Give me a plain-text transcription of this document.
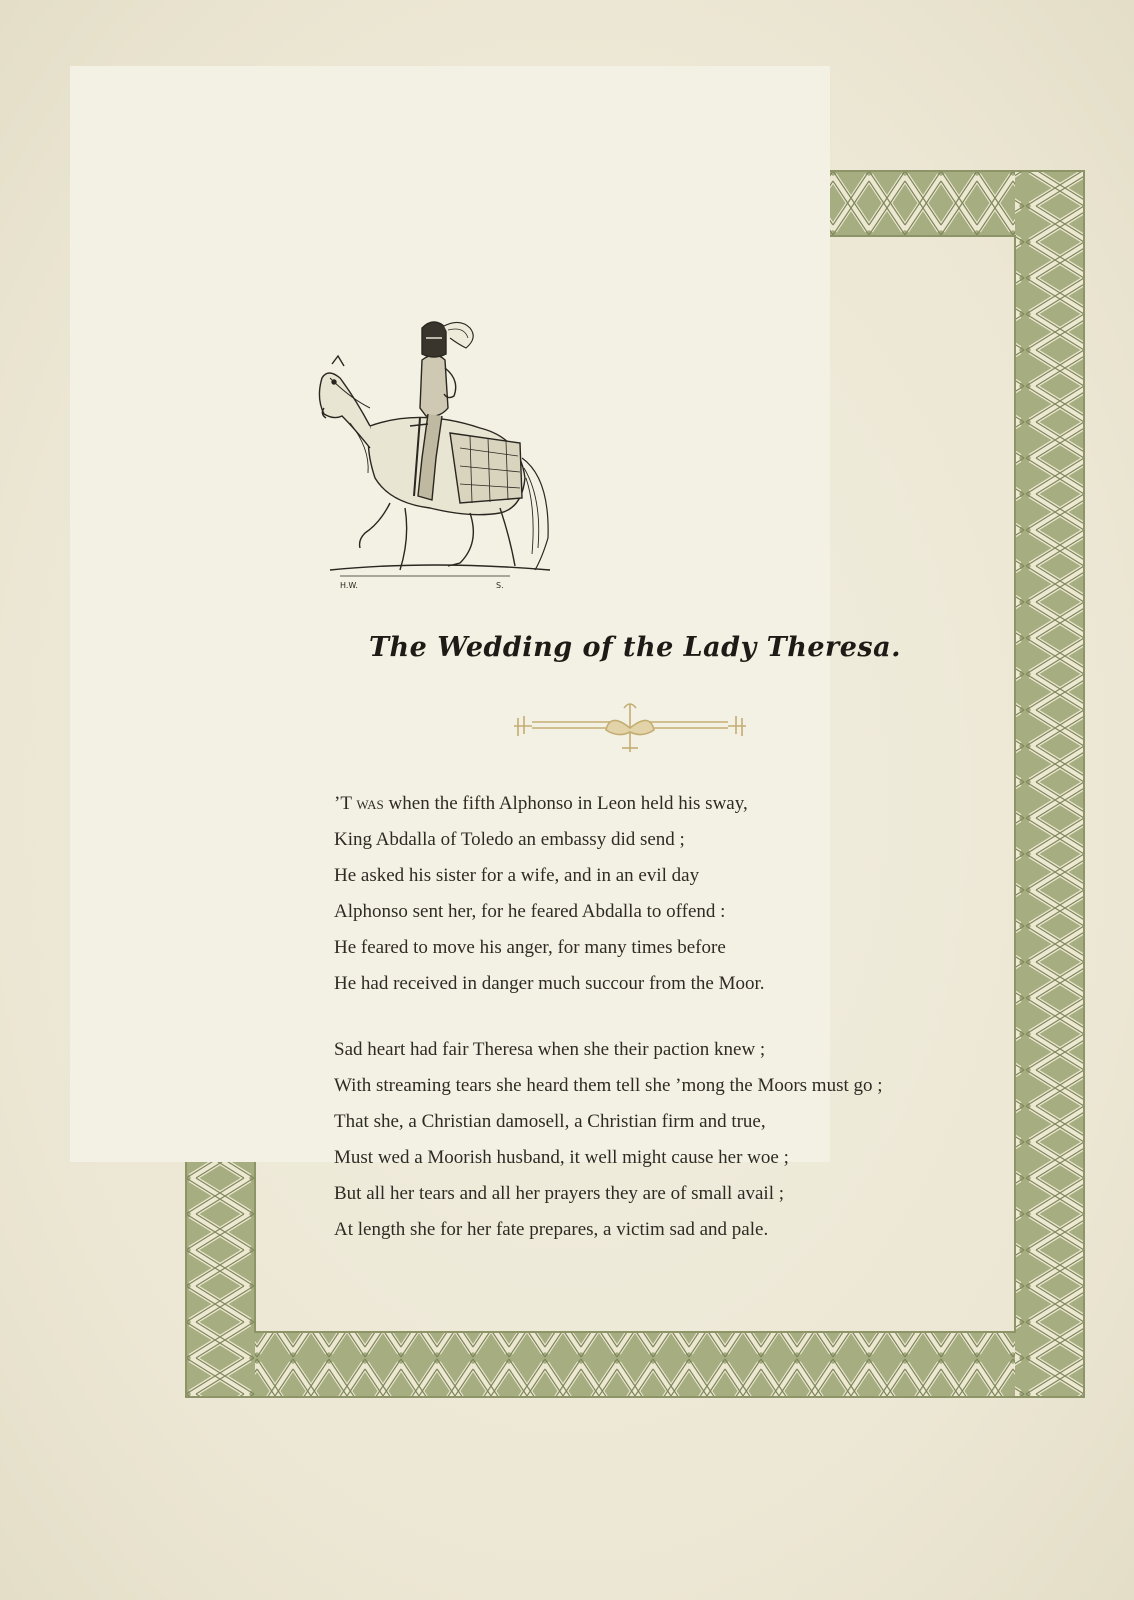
H.W.	S.
The Wedding of the Lady Theresa.
’T was when the fifth Alphonso in Leon held his sway,
King Abdalla of Toledo an embassy did send ;
He asked his sister for a wife, and in an evil day
Alphonso sent her, for he feared Abdalla to offend :
He feared to move his anger, for many times before
He had received in danger much succour from the Moor.
Sad heart had fair Theresa when she their paction knew ;
With streaming tears she heard them tell she ’mong the Moors must go ;
That she, a Christian damosell, a Christian firm and true,
Must wed a Moorish husband, it well might cause her woe ;
But all her tears and all her prayers they are of small avail ;
At length she for her fate prepares, a victim sad and pale.
